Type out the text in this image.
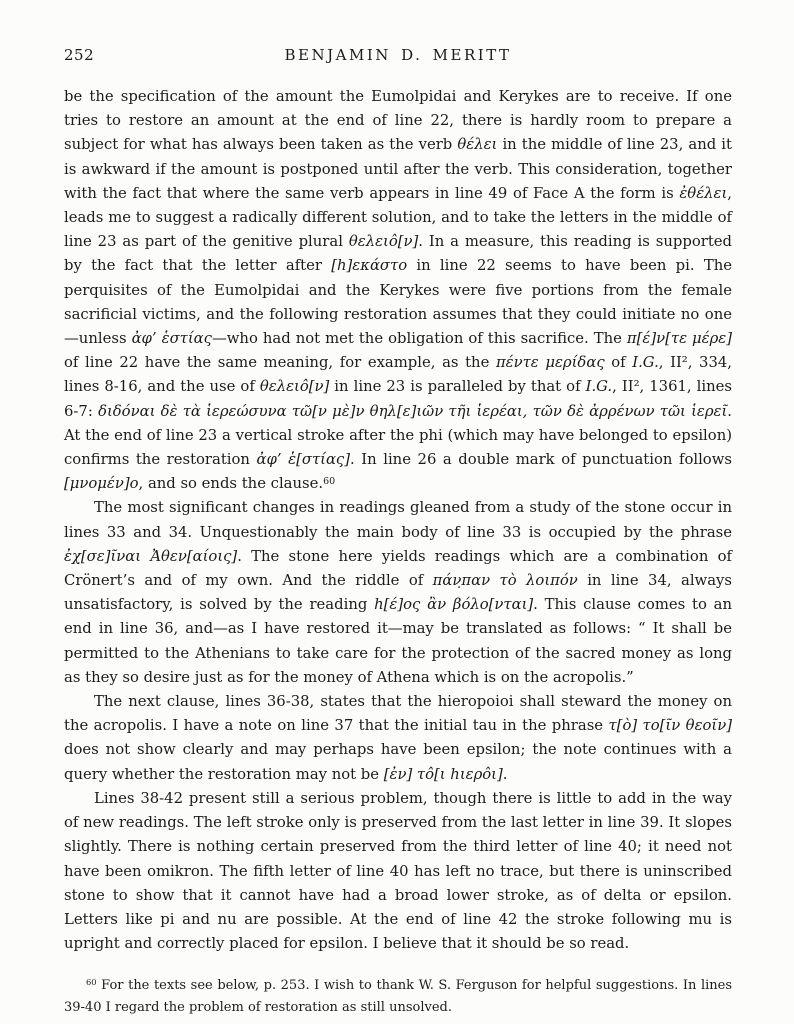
252	BENJAMIN D. MERITT

be the specification of the amount the Eumolpidai and Kerykes are to receive. If one tries to restore an amount at the end of line 22, there is hardly room to prepare a subject for what has always been taken as the verb θέλει in the middle of line 23, and it is awkward if the amount is postponed until after the verb. This consideration, together with the fact that where the same verb appears in line 49 of Face A the form is ἐθέλει, leads me to suggest a radically different solution, and to take the letters in the middle of line 23 as part of the genitive plural θελειô[ν]. In a measure, this reading is supported by the fact that the letter after [h]εκάστο in line 22 seems to have been pi. The perquisites of the Eumolpidai and the Kerykes were five portions from the female sacrificial victims, and the following restoration assumes that they could initiate no one—unless ἀφ’ ἑστίας—who had not met the obligation of this sacrifice. The π[έ]ν[τε μέρε] of line 22 have the same meaning, for example, as the πέντε μερίδας of I.G., II², 334, lines 8-16, and the use of θελειô[ν] in line 23 is paralleled by that of I.G., II², 1361, lines 6-7: διδόναι δὲ τὰ ἱερεώσυνα τῶ[ν μὲ]ν θηλ[ε]ιῶν τῆι ἱερέαι, τῶν δὲ ἀρρένων τῶι ἱερεῖ. At the end of line 23 a vertical stroke after the phi (which may have belonged to epsilon) confirms the restoration ἀφ’ ἑ[στίας]. In line 26 a double mark of punctuation follows [μνομέν]ο, and so ends the clause.$^{60}$

The most significant changes in readings gleaned from a study of the stone occur in lines 33 and 34. Unquestionably the main body of line 33 is occupied by the phrase ἐχ̣[σε]ῖναι Ἀθεν[αίοις]. The stone here yields readings which are a combination of Crönert’s and of my own. And the riddle of πάν̣παν τὸ λοιπόν in line 34, always unsatisfactory, is solved by the reading h[έ]ος ἂν βόλο[νται]. This clause comes to an end in line 36, and—as I have restored it—may be translated as follows: “ It shall be permitted to the Athenians to take care for the protection of the sacred money as long as they so desire just as for the money of Athena which is on the acropolis.”

The next clause, lines 36-38, states that the hieropoioi shall steward the money on the acropolis. I have a note on line 37 that the initial tau in the phrase τ[ὸ] το[ῖν θεοῖν] does not show clearly and may perhaps have been epsilon; the note continues with a query whether the restoration may not be [ἐν] τô[ι hιερôι].

Lines 38-42 present still a serious problem, though there is little to add in the way of new readings. The left stroke only is preserved from the last letter in line 39. It slopes slightly. There is nothing certain preserved from the third letter of line 40; it need not have been omikron. The fifth letter of line 40 has left no trace, but there is uninscribed stone to show that it cannot have had a broad lower stroke, as of delta or epsilon. Letters like pi and nu are possible. At the end of line 42 the stroke following mu is upright and correctly placed for epsilon. I believe that it should be so read.

$^{60}$ For the texts see below, p. 253. I wish to thank W. S. Ferguson for helpful suggestions. In lines 39-40 I regard the problem of restoration as still unsolved.
